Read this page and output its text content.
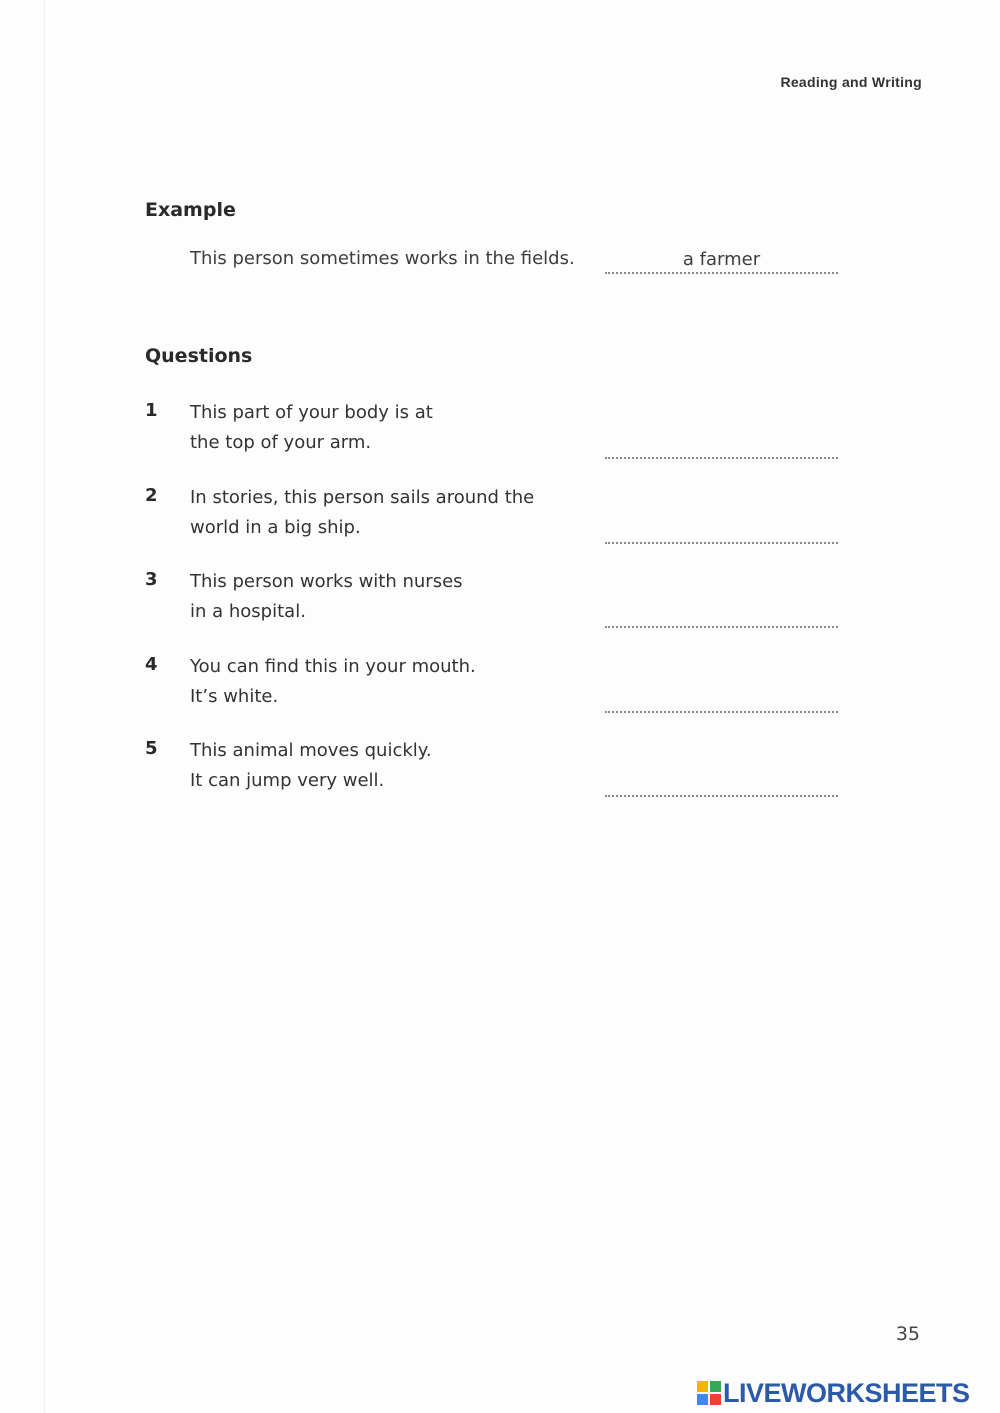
Reading and Writing
Example
This person sometimes works in the fields.	a farmer
Questions
1	This part of your body is at
the top of your arm.
2	In stories, this person sails around the
world in a big ship.
3	This person works with nurses
in a hospital.
4	You can find this in your mouth.
It’s white.
5	This animal moves quickly.
It can jump very well.
35
LIVEWORKSHEETS
